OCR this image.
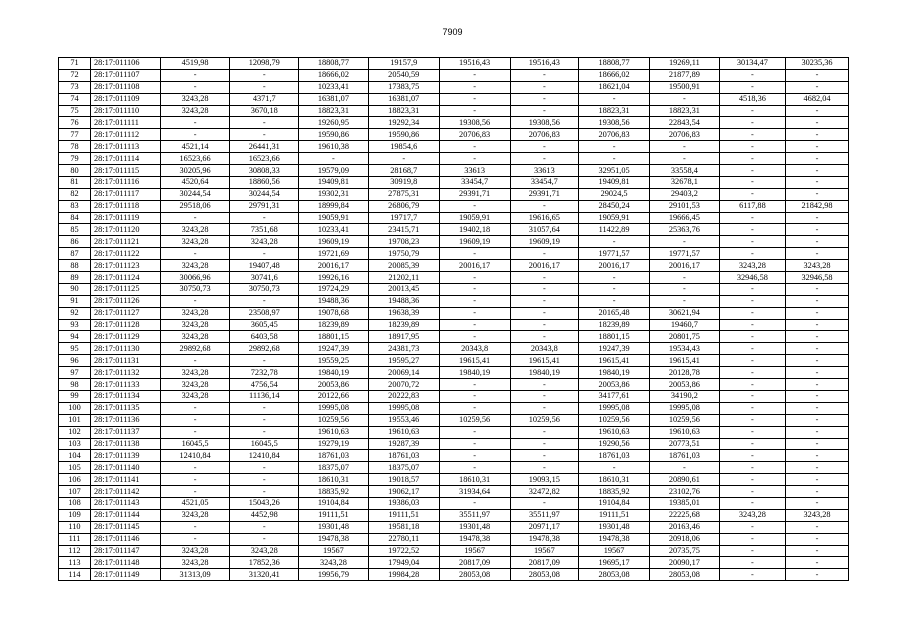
7909
71	28:17:011106	4519,98	12098,79	18808,77	19157,9	19516,43	19516,43	18808,77	19269,11	30134,47	30235,36
72	28:17:011107	-	-	18666,02	20540,59	-	-	18666,02	21877,89	-	-
73	28:17:011108	-	-	10233,41	17383,75	-	-	18621,04	19500,91	-	-
74	28:17:011109	3243,28	4371,7	16381,07	16381,07	-	-	-	-	4518,36	4682,04
75	28:17:011110	3243,28	3670,18	18823,31	18823,31	-	-	18823,31	18823,31	-	-
76	28:17:011111	-	-	19260,95	19292,34	19308,56	19308,56	19308,56	22843,54	-	-
77	28:17:011112	-	-	19590,86	19590,86	20706,83	20706,83	20706,83	20706,83	-	-
78	28:17:011113	4521,14	26441,31	19610,38	19854,6	-	-	-	-	-	-
79	28:17:011114	16523,66	16523,66	-	-	-	-	-	-	-	-
80	28:17:011115	30205,96	30808,33	19579,09	28168,7	33613	33613	32951,05	33558,4	-	-
81	28:17:011116	4520,64	18860,56	19409,81	30919,8	33454,7	33454,7	19409,81	32678,1	-	-
82	28:17:011117	30244,54	30244,54	19302,31	27875,31	29391,71	29391,71	29024,5	29403,2	-	-
83	28:17:011118	29518,06	29791,31	18999,84	26806,79	-	-	28450,24	29101,53	6117,88	21842,98
84	28:17:011119	-	-	19059,91	19717,7	19059,91	19616,65	19059,91	19666,45	-	-
85	28:17:011120	3243,28	7351,68	10233,41	23415,71	19402,18	31057,64	11422,89	25363,76	-	-
86	28:17:011121	3243,28	3243,28	19609,19	19708,23	19609,19	19609,19	-	-	-	-
87	28:17:011122	-	-	19721,69	19750,79	-	-	19771,57	19771,57	-	-
88	28:17:011123	3243,28	19407,48	20016,17	20085,39	20016,17	20016,17	20016,17	20016,17	3243,28	3243,28
89	28:17:011124	30066,96	30741,6	19926,16	21202,11	-	-	-	-	32946,58	32946,58
90	28:17:011125	30750,73	30750,73	19724,29	20013,45	-	-	-	-	-	-
91	28:17:011126	-	-	19488,36	19488,36	-	-	-	-	-	-
92	28:17:011127	3243,28	23508,97	19078,68	19638,39	-	-	20165,48	30621,94	-	-
93	28:17:011128	3243,28	3605,45	18239,89	18239,89	-	-	18239,89	19460,7	-	-
94	28:17:011129	3243,28	6403,58	18801,15	18917,95	-	-	18801,15	20801,75	-	-
95	28:17:011130	29892,68	29892,68	19247,39	24381,73	20343,8	20343,8	19247,39	19534,43	-	-
96	28:17:011131	-	-	19559,25	19595,27	19615,41	19615,41	19615,41	19615,41	-	-
97	28:17:011132	3243,28	7232,78	19840,19	20069,14	19840,19	19840,19	19840,19	20128,78	-	-
98	28:17:011133	3243,28	4756,54	20053,86	20070,72	-	-	20053,86	20053,86	-	-
99	28:17:011134	3243,28	11136,14	20122,66	20222,83	-	-	34177,61	34190,2	-	-
100	28:17:011135	-	-	19995,08	19995,08	-	-	19995,08	19995,08	-	-
101	28:17:011136	-	-	10259,56	19553,46	10259,56	10259,56	10259,56	10259,56	-	-
102	28:17:011137	-	-	19610,63	19610,63	-	-	19610,63	19610,63	-	-
103	28:17:011138	16045,5	16045,5	19279,19	19287,39	-	-	19290,56	20773,51	-	-
104	28:17:011139	12410,84	12410,84	18761,03	18761,03	-	-	18761,03	18761,03	-	-
105	28:17:011140	-	-	18375,07	18375,07	-	-	-	-	-	-
106	28:17:011141	-	-	18610,31	19018,57	18610,31	19093,15	18610,31	20890,61	-	-
107	28:17:011142	-	-	18835,92	19062,17	31934,64	32472,82	18835,92	23102,76	-	-
108	28:17:011143	4521,05	15043,26	19104,84	19386,03	-	-	19104,84	19385,01	-	-
109	28:17:011144	3243,28	4452,98	19111,51	19111,51	35511,97	35511,97	19111,51	22225,68	3243,28	3243,28
110	28:17:011145	-	-	19301,48	19581,18	19301,48	20971,17	19301,48	20163,46	-	-
111	28:17:011146	-	-	19478,38	22780,11	19478,38	19478,38	19478,38	20918,06	-	-
112	28:17:011147	3243,28	3243,28	19567	19722,52	19567	19567	19567	20735,75	-	-
113	28:17:011148	3243,28	17852,36	3243,28	17949,04	20817,09	20817,09	19695,17	20090,17	-	-
114	28:17:011149	31313,09	31320,41	19956,79	19984,28	28053,08	28053,08	28053,08	28053,08	-	-
